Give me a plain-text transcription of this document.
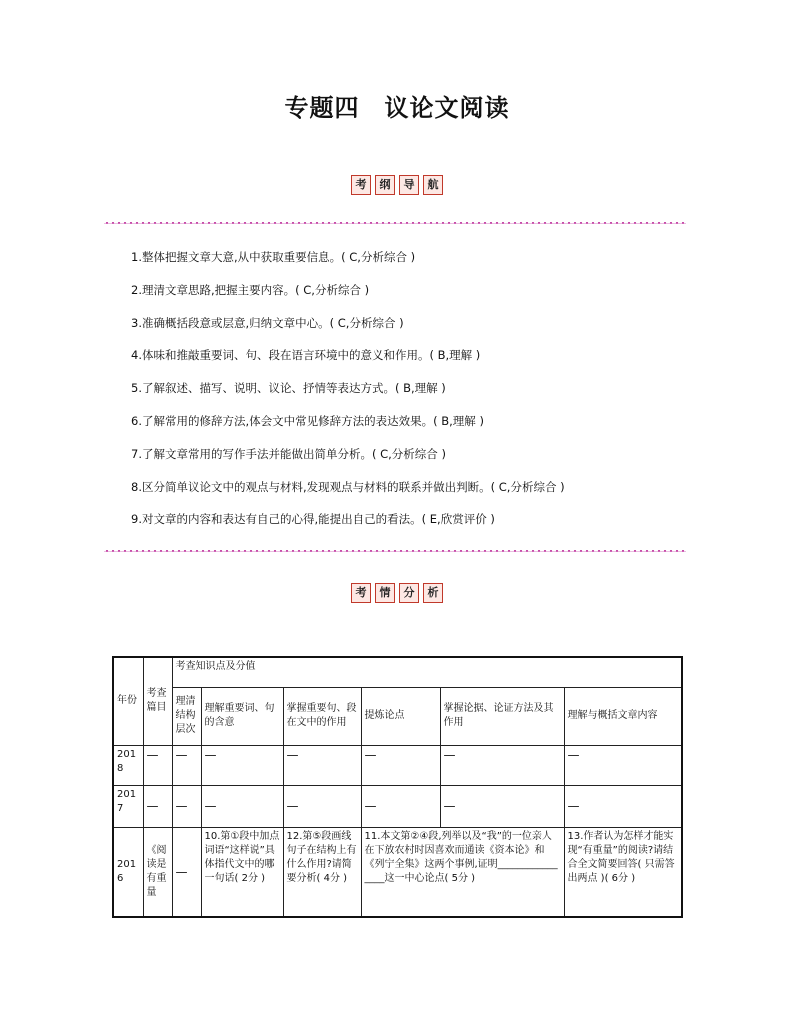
专题四　议论文阅读
考 纲 导 航
1.整体把握文章大意,从中获取重要信息。( C,分析综合 )
2.理清文章思路,把握主要内容。( C,分析综合 )
3.准确概括段意或层意,归纳文章中心。( C,分析综合 )
4.体味和推敲重要词、句、段在语言环境中的意义和作用。( B,理解 )
5.了解叙述、描写、说明、议论、抒情等表达方式。( B,理解 )
6.了解常用的修辞方法,体会文中常见修辞方法的表达效果。( B,理解 )
7.了解文章常用的写作手法并能做出简单分析。( C,分析综合 )
8.区分简单议论文中的观点与材料,发现观点与材料的联系并做出判断。( C,分析综合 )
9.对文章的内容和表达有自己的心得,能提出自己的看法。( E,欣赏评价 )
考 情 分 析
年份	考查篇目	考查知识点及分值					
		理清结构层次	理解重要词、句的含意	掌握重要句、段在文中的作用	提炼论点	掌握论据、论证方法及其作用	理解与概括文章内容
2018	—	—	—	—	—	—	—
2017	—	—	—	—	—	—	—
2016	《阅读是有重量	—	10.第①段中加点词语“这样说”具体指代文中的哪一句话( 2分 )	12.第⑤段画线句子在结构上有什么作用?请简要分析( 4分 )	11.本文第②④段,列举以及“我”的一位亲人在下放农村时因喜欢而通读《资本论》和《列宁全集》这两个事例,证明________________这一中心论点( 5分 )		13.作者认为怎样才能实现“有重量”的阅读?请结合全文简要回答( 只需答出两点 )( 6分 )
